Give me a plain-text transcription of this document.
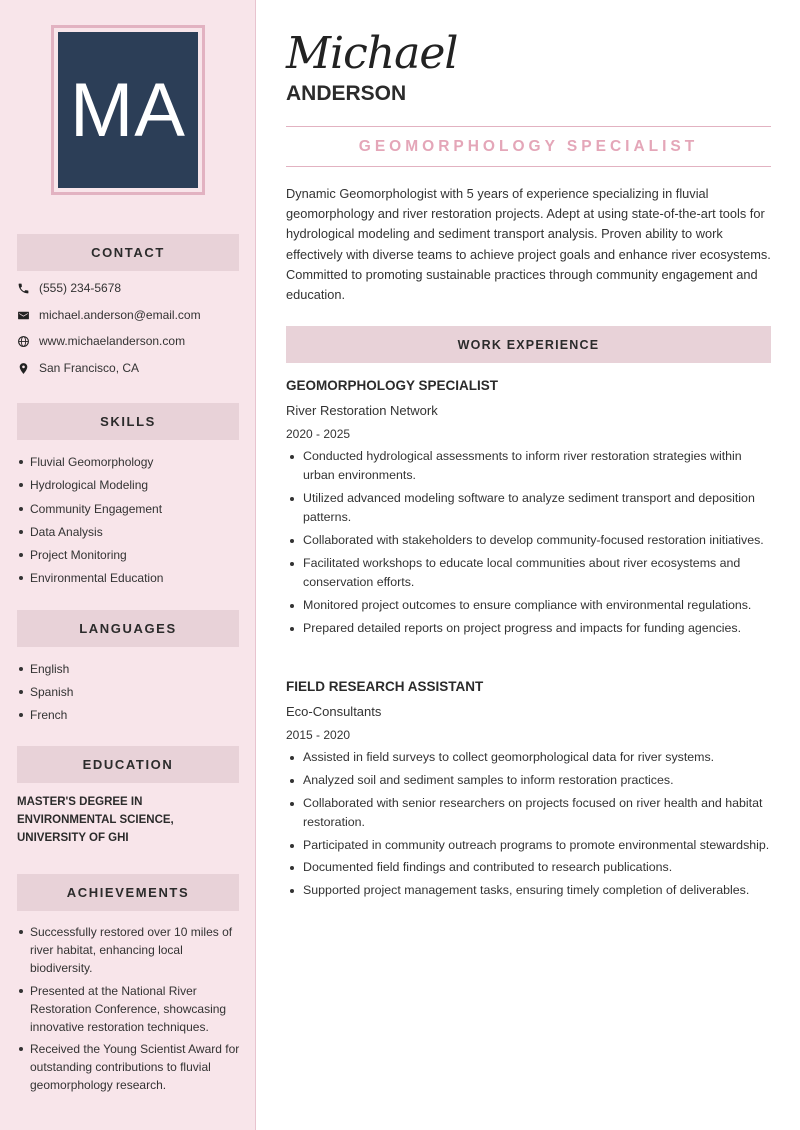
MA
CONTACT
(555) 234-5678
michael.anderson@email.com
www.michaelanderson.com
San Francisco, CA
SKILLS
Fluvial Geomorphology
Hydrological Modeling
Community Engagement
Data Analysis
Project Monitoring
Environmental Education
LANGUAGES
English
Spanish
French
EDUCATION
MASTER'S DEGREE IN ENVIRONMENTAL SCIENCE, UNIVERSITY OF GHI
ACHIEVEMENTS
Successfully restored over 10 miles of river habitat, enhancing local biodiversity.
Presented at the National River Restoration Conference, showcasing innovative restoration techniques.
Received the Young Scientist Award for outstanding contributions to fluvial geomorphology research.
Michael
ANDERSON
GEOMORPHOLOGY SPECIALIST

Dynamic Geomorphologist with 5 years of experience specializing in fluvial geomorphology and river restoration projects. Adept at using state-of-the-art tools for hydrological modeling and sediment transport analysis. Proven ability to work effectively with diverse teams to achieve project goals and enhance river ecosystems. Committed to promoting sustainable practices through community engagement and education.

WORK EXPERIENCE
GEOMORPHOLOGY SPECIALIST
River Restoration Network
2020 - 2025
Conducted hydrological assessments to inform river restoration strategies within urban environments.
Utilized advanced modeling software to analyze sediment transport and deposition patterns.
Collaborated with stakeholders to develop community-focused restoration initiatives.
Facilitated workshops to educate local communities about river ecosystems and conservation efforts.
Monitored project outcomes to ensure compliance with environmental regulations.
Prepared detailed reports on project progress and impacts for funding agencies.
FIELD RESEARCH ASSISTANT
Eco-Consultants
2015 - 2020
Assisted in field surveys to collect geomorphological data for river systems.
Analyzed soil and sediment samples to inform restoration practices.
Collaborated with senior researchers on projects focused on river health and habitat restoration.
Participated in community outreach programs to promote environmental stewardship.
Documented field findings and contributed to research publications.
Supported project management tasks, ensuring timely completion of deliverables.
